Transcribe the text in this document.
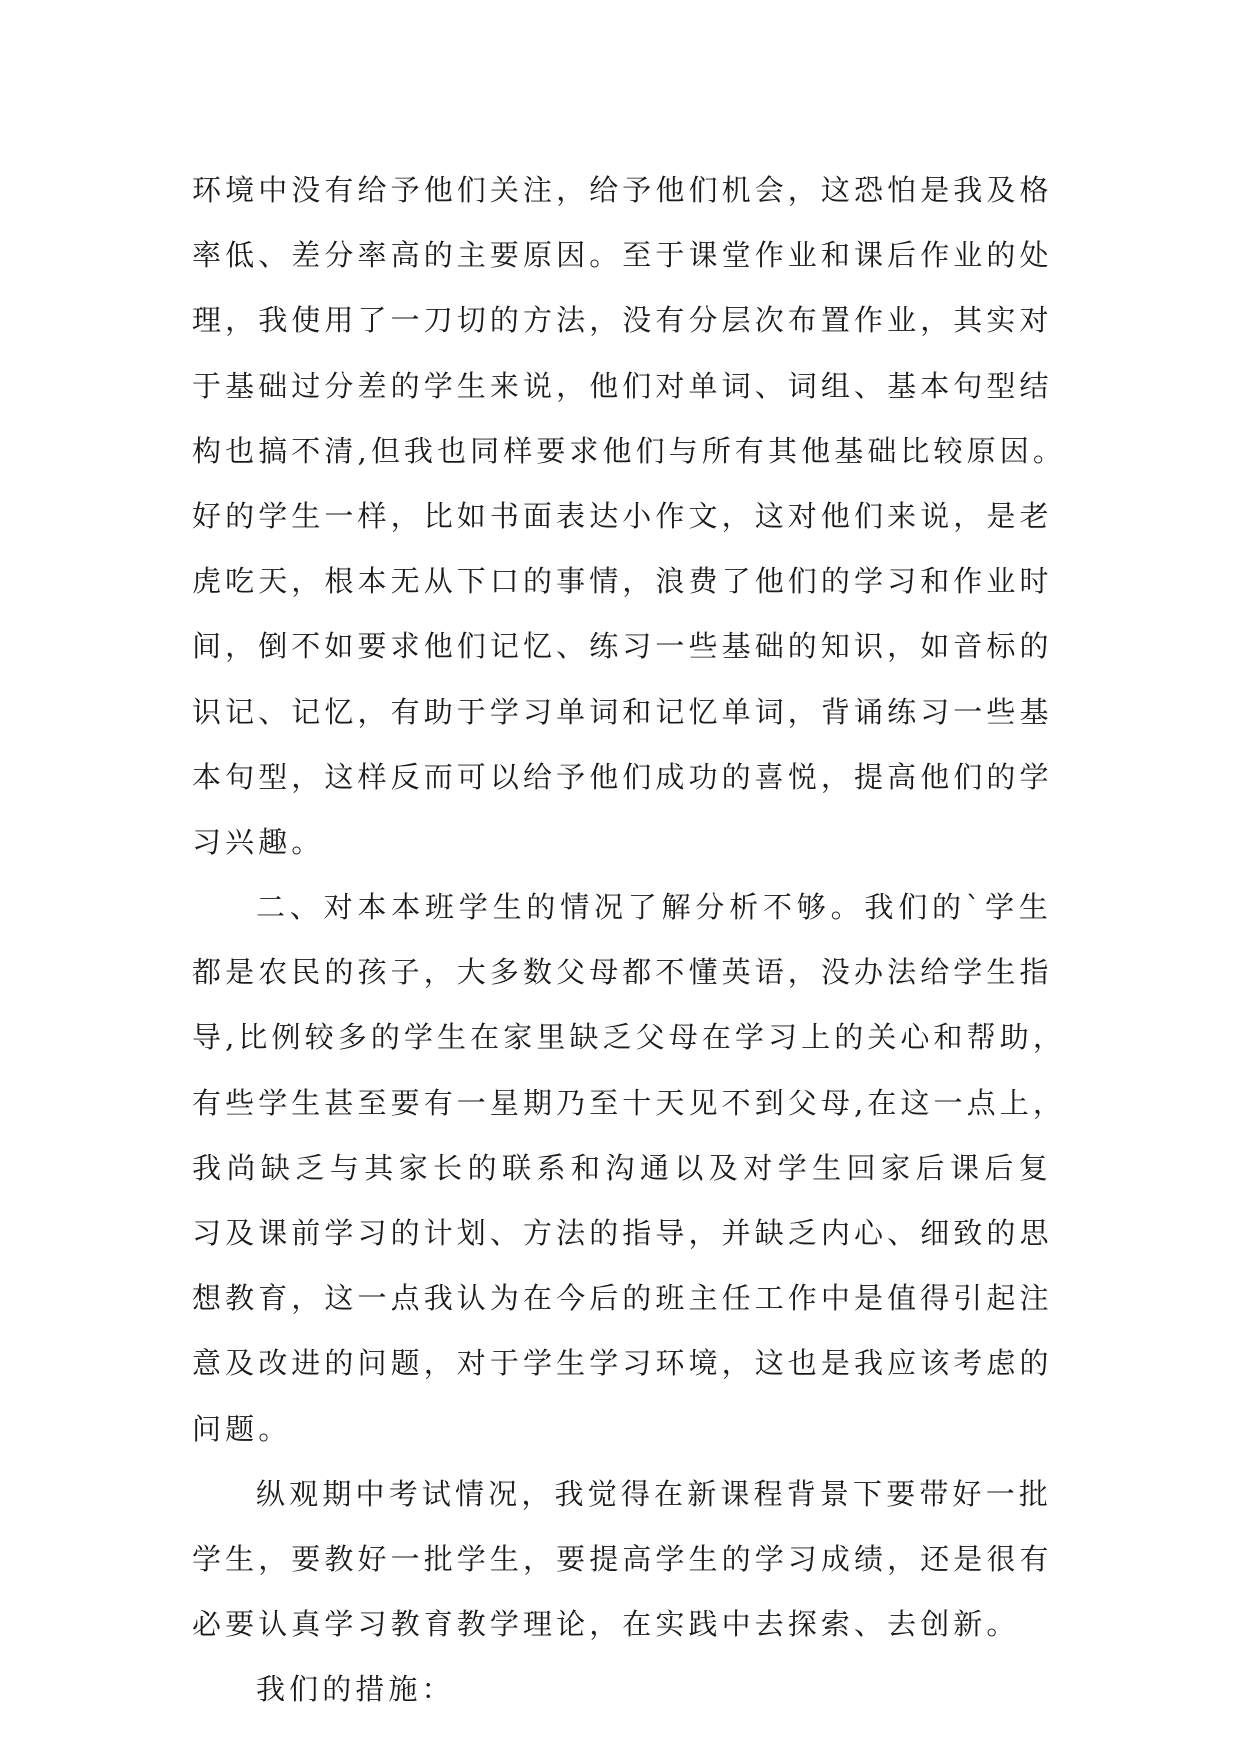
环境中没有给予他们关注，给予他们机会，这恐怕是我及格
率低、差分率高的主要原因。至于课堂作业和课后作业的处
理，我使用了一刀切的方法，没有分层次布置作业，其实对
于基础过分差的学生来说，他们对单词、词组、基本句型结
构也搞不清,但我也同样要求他们与所有其他基础比较原因。
好的学生一样，比如书面表达小作文，这对他们来说，是老
虎吃天，根本无从下口的事情，浪费了他们的学习和作业时
间，倒不如要求他们记忆、练习一些基础的知识，如音标的
识记、记忆，有助于学习单词和记忆单词，背诵练习一些基
本句型，这样反而可以给予他们成功的喜悦，提高他们的学
习兴趣。
二、对本本班学生的情况了解分析不够。我们的`学生
都是农民的孩子，大多数父母都不懂英语，没办法给学生指
导,比例较多的学生在家里缺乏父母在学习上的关心和帮助，
有些学生甚至要有一星期乃至十天见不到父母,在这一点上，
我尚缺乏与其家长的联系和沟通以及对学生回家后课后复
习及课前学习的计划、方法的指导，并缺乏内心、细致的思
想教育，这一点我认为在今后的班主任工作中是值得引起注
意及改进的问题，对于学生学习环境，这也是我应该考虑的
问题。
纵观期中考试情况，我觉得在新课程背景下要带好一批
学生，要教好一批学生，要提高学生的学习成绩，还是很有
必要认真学习教育教学理论，在实践中去探索、去创新。
我们的措施：
